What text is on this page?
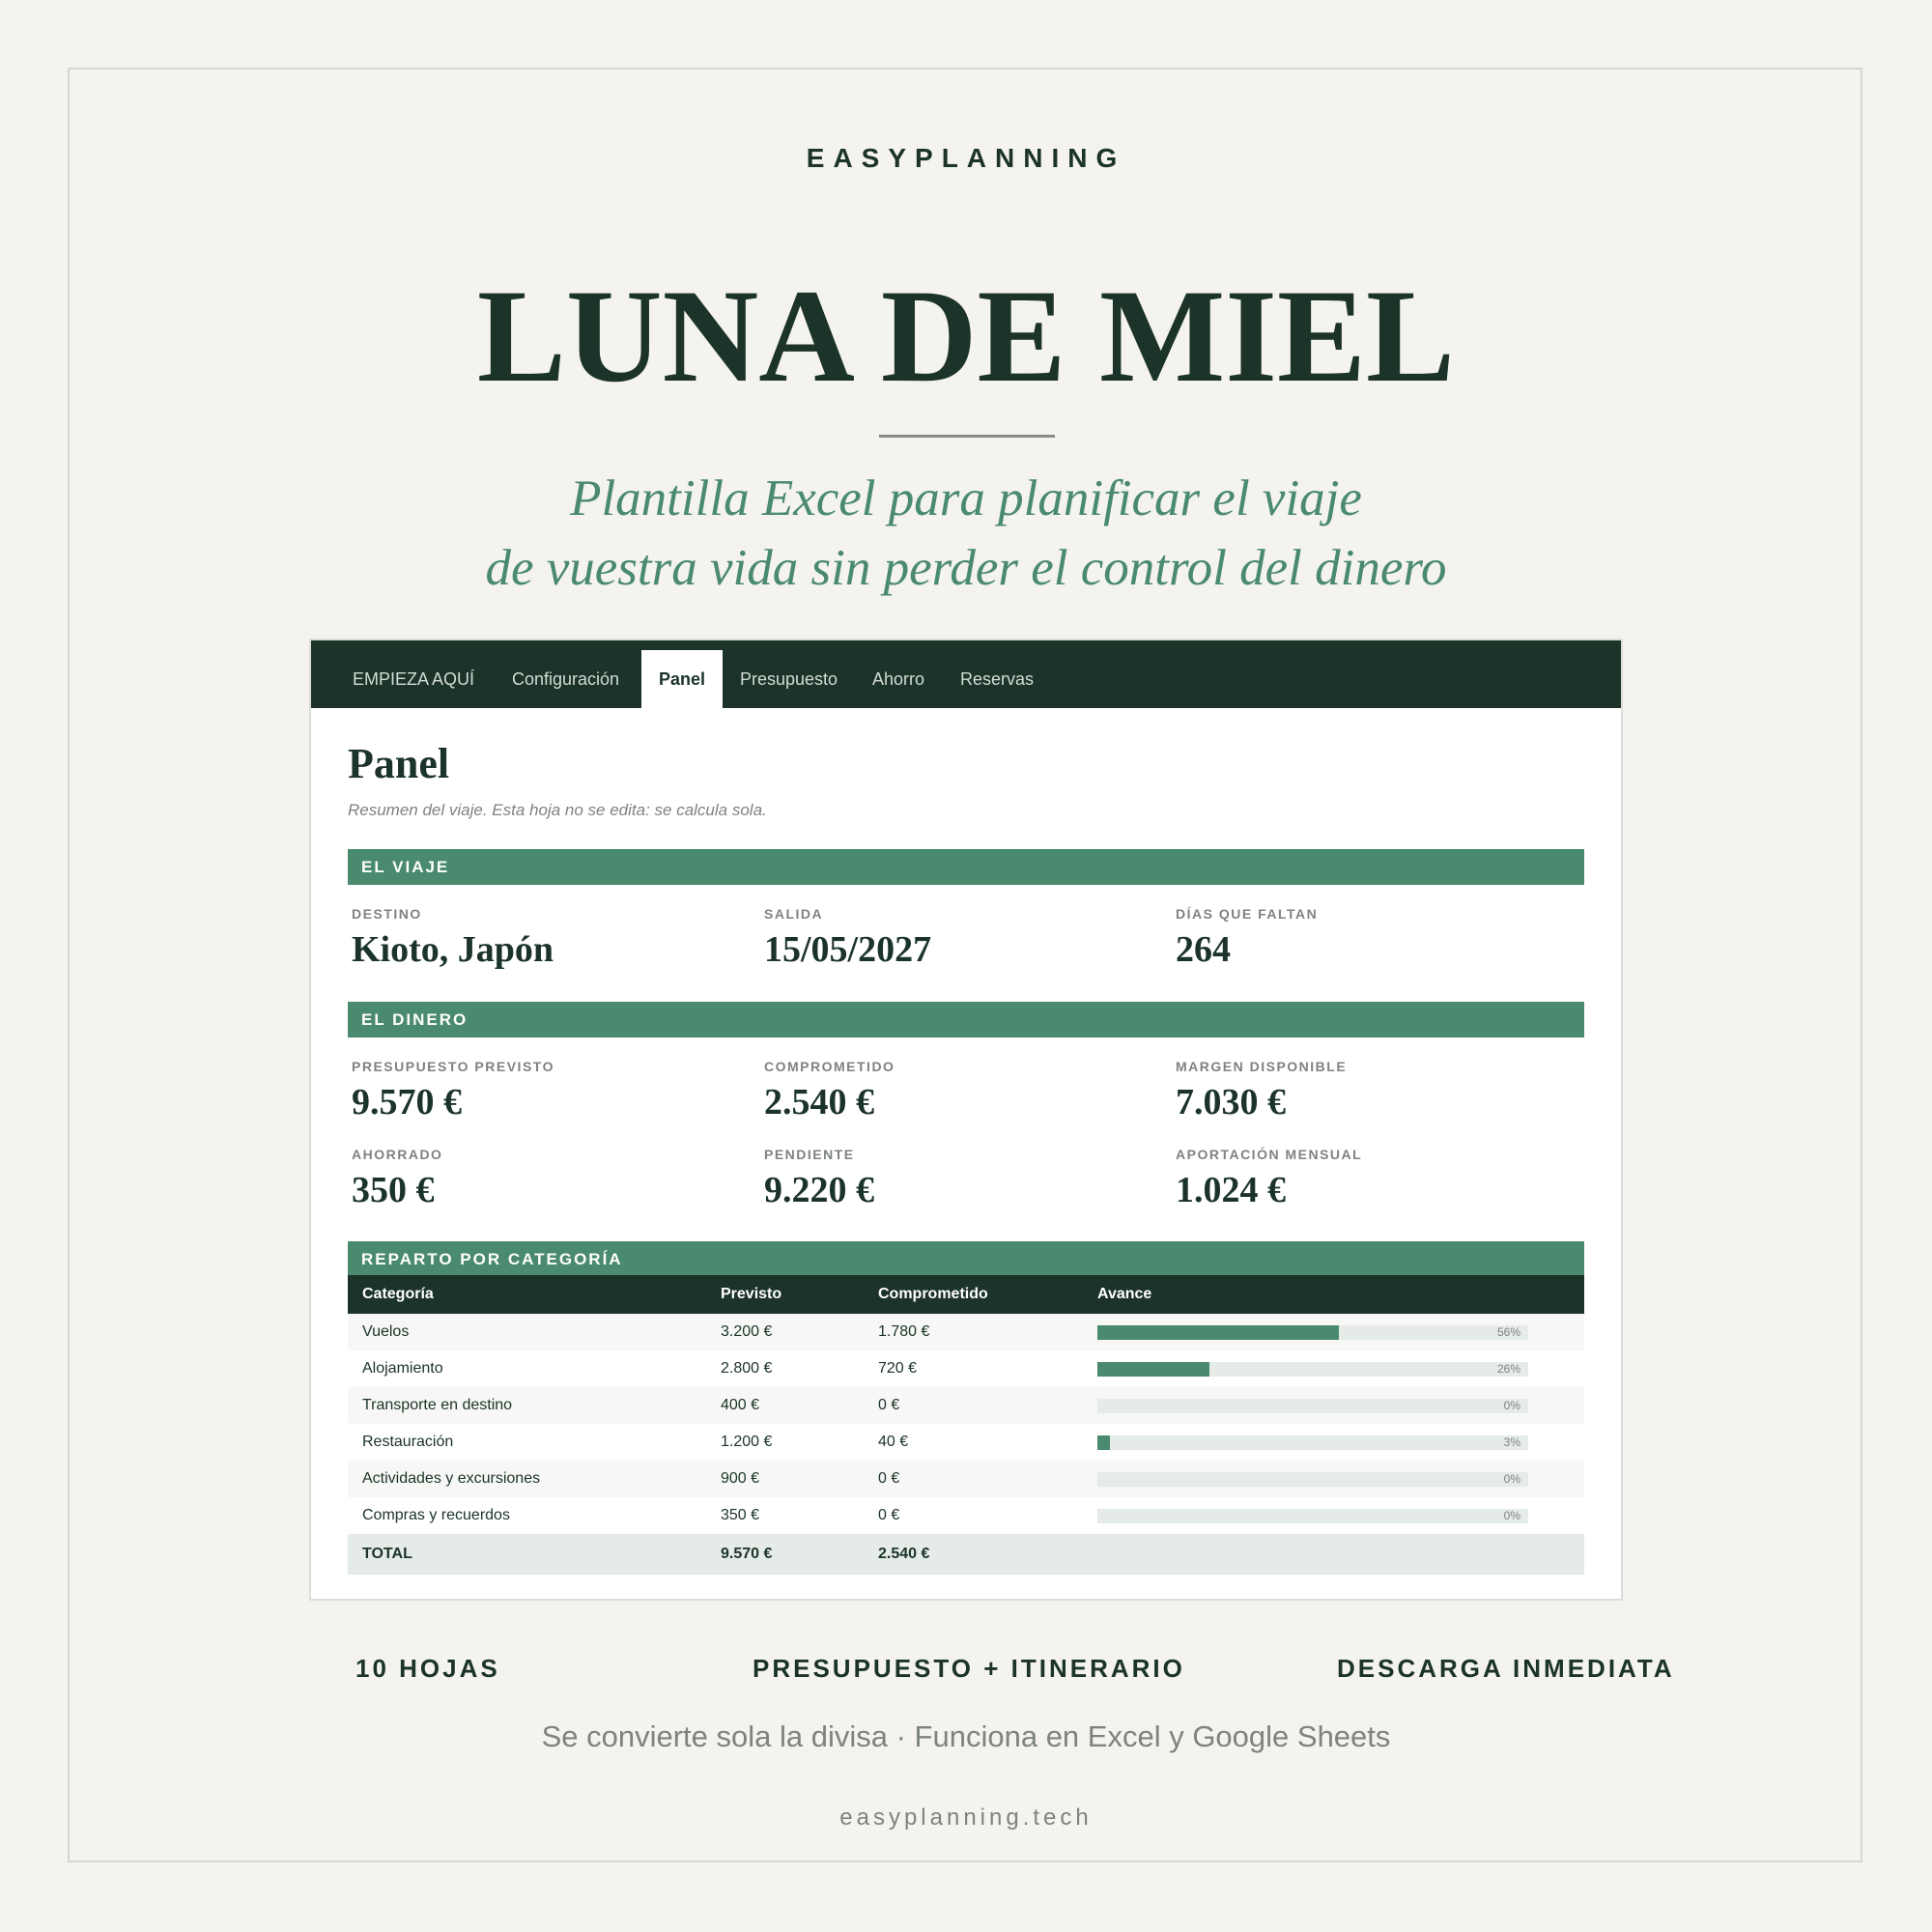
EASYPLANNING
LUNA DE MIEL
Plantilla Excel para planificar el viaje
de vuestra vida sin perder el control del dinero
EMPIEZA AQUÍ Configuración	Panel	Presupuesto Ahorro Reservas
Panel
Resumen del viaje. Esta hoja no se edita: se calcula sola.
EL VIAJE
DESTINO
Kioto, Japón
SALIDA
15/05/2027
DÍAS QUE FALTAN
264
EL DINERO
PRESUPUESTO PREVISTO
9.570 €
COMPROMETIDO
2.540 €
MARGEN DISPONIBLE
7.030 €
AHORRADO
350 €
PENDIENTE
9.220 €
APORTACIÓN MENSUAL
1.024 €
REPARTO POR CATEGORÍA
Categoría	Previsto	Comprometido	Avance
Vuelos	3.200 €	1.780 €	56%
Alojamiento	2.800 €	720 €	26%
Transporte en destino	400 €	0 €	0%
Restauración	1.200 €	40 €	3%
Actividades y excursiones	900 €	0 €	0%
Compras y recuerdos	350 €	0 €	0%
TOTAL	9.570 €	2.540 €
10 HOJAS	PRESUPUESTO + ITINERARIO	DESCARGA INMEDIATA
Se convierte sola la divisa · Funciona en Excel y Google Sheets
easyplanning.tech
